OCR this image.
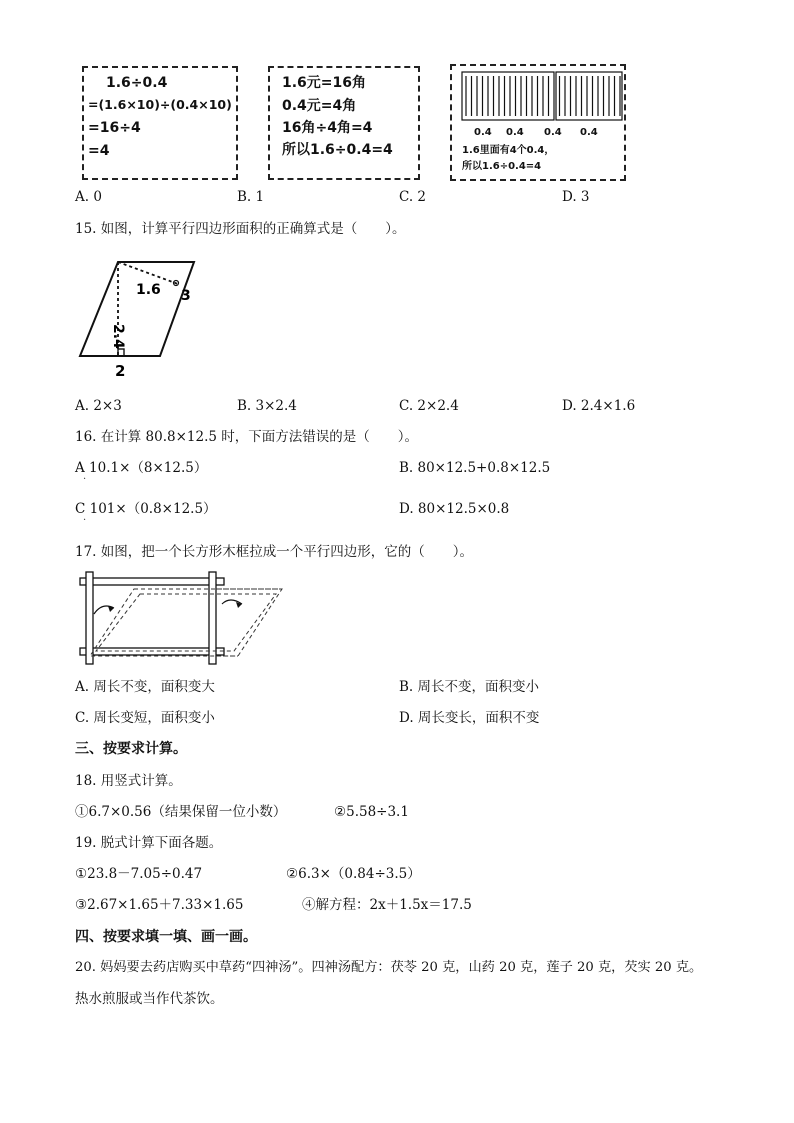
1.6÷0.4
=(1.6×10)÷(0.4×10)
=16÷4
=4
1.6元=16角
0.4元=4角
16角÷4角=4
所以1.6÷0.4=4
0.4 0.4 0.4 0.4
1.6里面有4个0.4，
所以1.6÷0.4=4
A. 0	B. 1	C. 2	D. 3
15. 如图，计算平行四边形面积的正确算式是（ ）。
1.6 3
2.4
2
A. 2×3	B. 3×2.4	C. 2×2.4	D. 2.4×1.6
16. 在计算 80.8×12.5 时，下面方法错误的是（ ）。
A 10.1×（8×12.5）
·
B. 80×12.5+0.8×12.5
C 101×（0.8×12.5）
·
D. 80×12.5×0.8
17. 如图，把一个长方形木框拉成一个平行四边形，它的（ ）。
A. 周长不变，面积变大	B. 周长不变，面积变小
C. 周长变短，面积变小	D. 周长变长，面积不变
三、按要求计算。
18. 用竖式计算。
①6.7×0.56（结果保留一位小数）	②5.58÷3.1
19. 脱式计算下面各题。
①23.8－7.05÷0.47	②6.3×（0.84÷3.5）
③2.67×1.65＋7.33×1.65	④解方程：2x＋1.5x＝17.5
四、按要求填一填、画一画。
20. 妈妈要去药店购买中草药“四神汤”。四神汤配方：茯苓 20 克，山药 20 克，莲子 20 克，芡实 20 克。
热水煎服或当作代茶饮。
